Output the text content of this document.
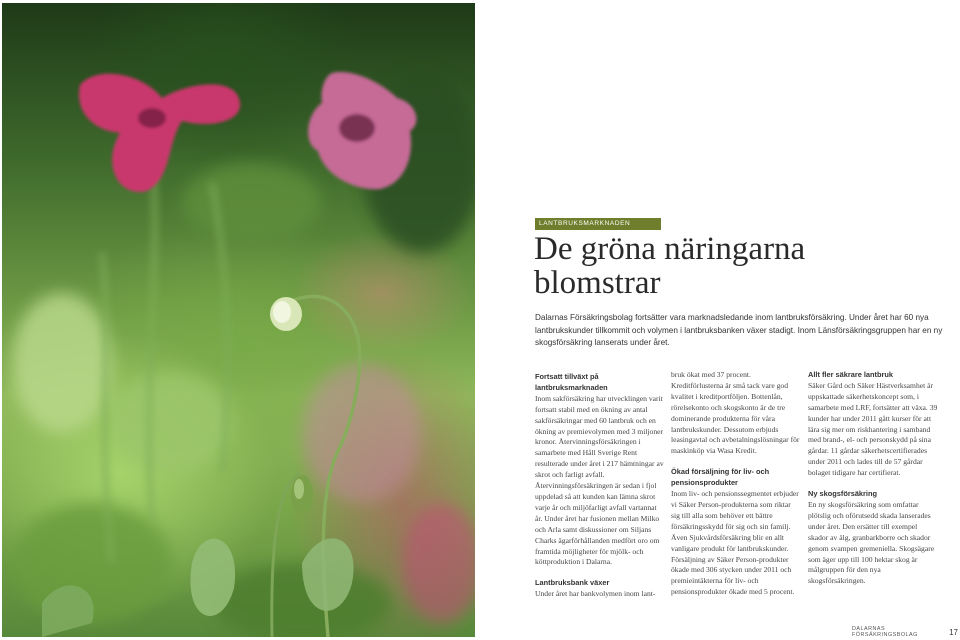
LANTBRUKSMARKNADEN
De gröna näringarna blomstrar

Dalarnas Försäkringsbolag fortsätter vara marknadsledande inom lantbruksförsäkring. Under året har 60 nya lantbrukskunder tillkommit och volymen i lantbruksbanken växer stadigt. Inom Länsförsäkringsgruppen har en ny skogsförsäkring lanserats under året.

Fortsatt tillväxt på lantbruksmarknaden

Inom sakförsäkring har utvecklingen varit fortsatt stabil med en ökning av antal sakförsäkringar med 60 lantbruk och en ökning av premievolymen med 3 miljoner kronor. Återvinningsförsäkringen i samarbete med Håll Sverige Rent resulterade under året i 217 hämtningar av skrot och farligt avfall. Återvinningsförsäkringen är sedan i fjol uppdelad så att kunden kan lämna skrot varje år och miljöfarligt avfall vartannat år. Under året har fusionen mellan Milko och Arla samt diskussioner om Siljans Charks ägarförhållanden medfört oro om framtida möjligheter för mjölk- och köttproduktion i Dalarna.

Lantbruksbank växer

Under året har bankvolymen inom lant-

bruk ökat med 37 procent. Kreditförlusterna är små tack vare god kvalitet i kreditportföljen. Bottenlån, rörelsekonto och skogskonto är de tre dominerande produkterna för våra lantbrukskunder. Dessutom erbjuds leasingavtal och avbetalningslösningar för maskinköp via Wasa Kredit.

Ökad försäljning för liv- och pensionsprodukter

Inom liv- och pensionssegmentet erbjuder vi Säker Person-produkterna som riktar sig till alla som behöver ett bättre försäkringsskydd för sig och sin familj. Även Sjukvårdsförsäkring blir en allt vanligare produkt för lantbrukskunder. Försäljning av Säker Person-produkter ökade med 306 stycken under 2011 och premieintäkterna för liv- och pensionsprodukter ökade med 5 procent.

Allt fler säkrare lantbruk

Säker Gård och Säker Hästverksamhet är uppskattade säkerhetskoncept som, i samarbete med LRF, fortsätter att växa. 39 kunder har under 2011 gått kurser för att lära sig mer om riskhantering i samband med brand-, el- och personskydd på sina gårdar. 11 gårdar säkerhetscertifierades under 2011 och lades till de 57 gårdar bolaget tidigare har certifierat.

Ny skogsförsäkring

En ny skogsförsäkring som omfattar plötslig och oförutsedd skada lanserades under året. Den ersätter till exempel skador av älg, granbarkborre och skador genom svampen gremeniella. Skogsägare som äger upp till 100 hektar skog är målgruppen för den nya skogsförsäkringen.

DALARNAS FÖRSÄKRINGSBOLAG	17
